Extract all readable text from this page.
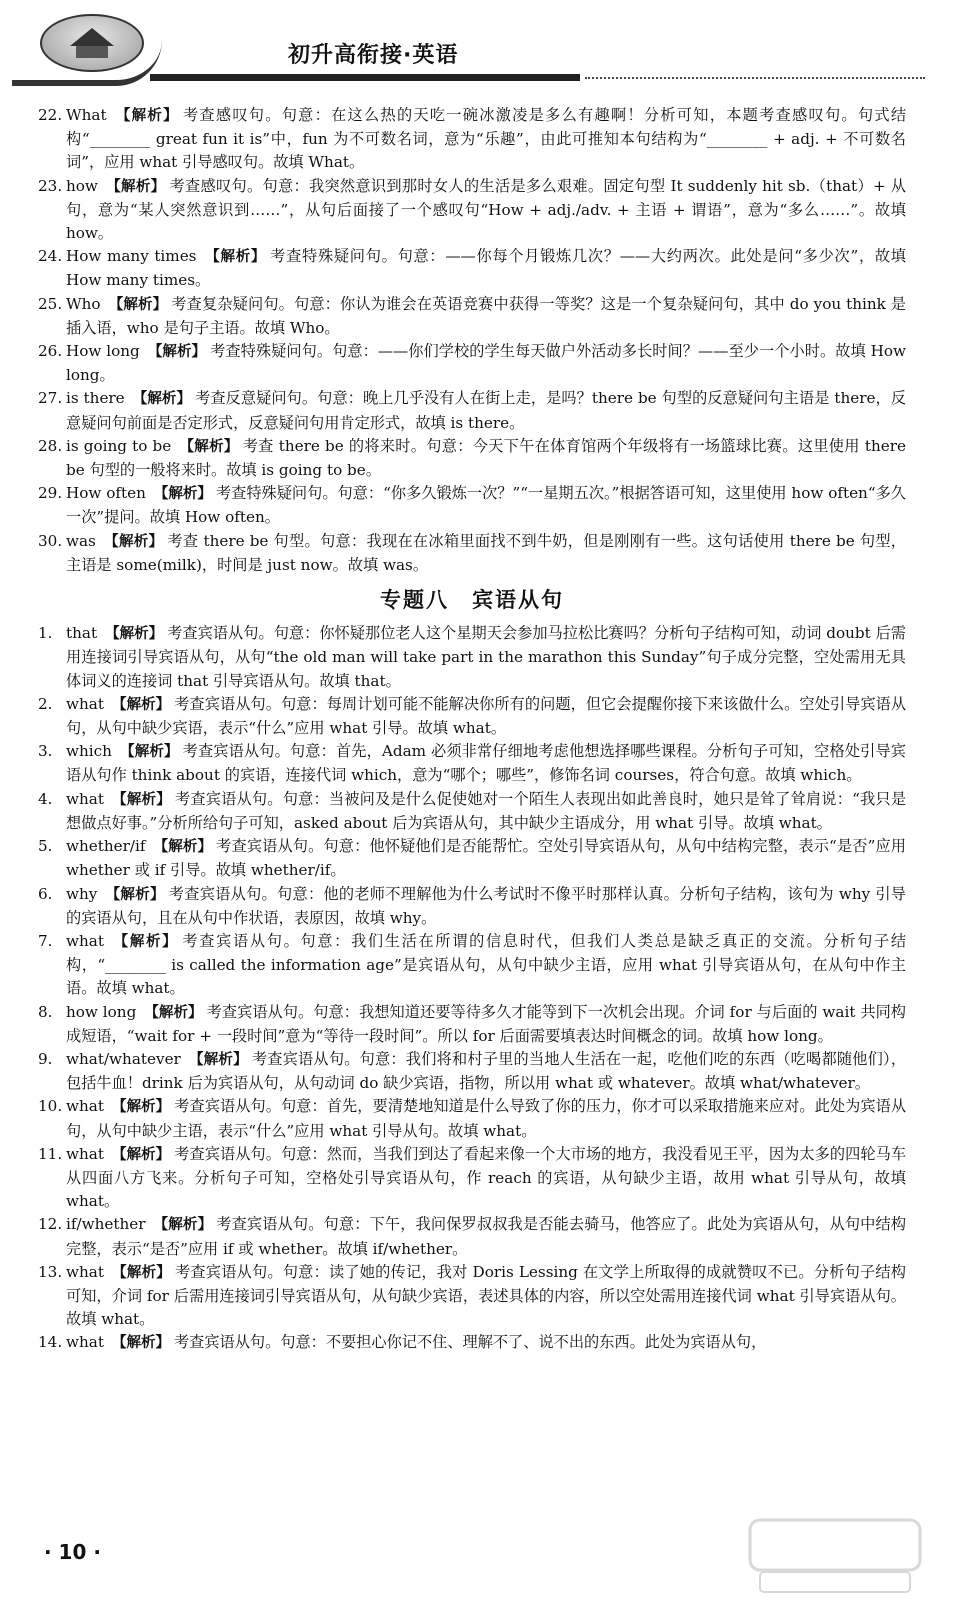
初升高衔接·英语
22. What 【解析】 考查感叹句。句意：在这么热的天吃一碗冰激凌是多么有趣啊！分析可知，本题考查感叹句。句式结构“________ great fun it is”中，fun 为不可数名词，意为“乐趣”，由此可推知本句结构为“________ + adj. + 不可数名词”，应用 what 引导感叹句。故填 What。
23. how 【解析】 考查感叹句。句意：我突然意识到那时女人的生活是多么艰难。固定句型 It suddenly hit sb.（that）+ 从句，意为“某人突然意识到……”，从句后面接了一个感叹句“How + adj./adv. + 主语 + 谓语”，意为“多么……”。故填 how。
24. How many times 【解析】 考查特殊疑问句。句意：——你每个月锻炼几次？——大约两次。此处是问“多少次”，故填 How many times。
25. Who 【解析】 考查复杂疑问句。句意：你认为谁会在英语竞赛中获得一等奖？这是一个复杂疑问句，其中 do you think 是插入语，who 是句子主语。故填 Who。
26. How long 【解析】 考查特殊疑问句。句意：——你们学校的学生每天做户外活动多长时间？——至少一个小时。故填 How long。
27. is there 【解析】 考查反意疑问句。句意：晚上几乎没有人在街上走，是吗？there be 句型的反意疑问句主语是 there，反意疑问句前面是否定形式，反意疑问句用肯定形式，故填 is there。
28. is going to be 【解析】 考查 there be 的将来时。句意：今天下午在体育馆两个年级将有一场篮球比赛。这里使用 there be 句型的一般将来时。故填 is going to be。
29. How often 【解析】 考查特殊疑问句。句意：“你多久锻炼一次？”“一星期五次。”根据答语可知，这里使用 how often“多久一次”提问。故填 How often。
30. was 【解析】 考查 there be 句型。句意：我现在在冰箱里面找不到牛奶，但是刚刚有一些。这句话使用 there be 句型，主语是 some(milk)，时间是 just now。故填 was。
专题八　宾语从句
1. that 【解析】 考查宾语从句。句意：你怀疑那位老人这个星期天会参加马拉松比赛吗？分析句子结构可知，动词 doubt 后需用连接词引导宾语从句，从句“the old man will take part in the marathon this Sunday”句子成分完整，空处需用无具体词义的连接词 that 引导宾语从句。故填 that。
2. what 【解析】 考查宾语从句。句意：每周计划可能不能解决你所有的问题，但它会提醒你接下来该做什么。空处引导宾语从句，从句中缺少宾语，表示“什么”应用 what 引导。故填 what。
3. which 【解析】 考查宾语从句。句意：首先，Adam 必须非常仔细地考虑他想选择哪些课程。分析句子可知，空格处引导宾语从句作 think about 的宾语，连接代词 which，意为“哪个；哪些”，修饰名词 courses，符合句意。故填 which。
4. what 【解析】 考查宾语从句。句意：当被问及是什么促使她对一个陌生人表现出如此善良时，她只是耸了耸肩说：“我只是想做点好事。”分析所给句子可知，asked about 后为宾语从句，其中缺少主语成分，用 what 引导。故填 what。
5. whether/if 【解析】 考查宾语从句。句意：他怀疑他们是否能帮忙。空处引导宾语从句，从句中结构完整，表示“是否”应用 whether 或 if 引导。故填 whether/if。
6. why 【解析】 考查宾语从句。句意：他的老师不理解他为什么考试时不像平时那样认真。分析句子结构，该句为 why 引导的宾语从句，且在从句中作状语，表原因，故填 why。
7. what 【解析】 考查宾语从句。句意：我们生活在所谓的信息时代，但我们人类总是缺乏真正的交流。分析句子结构，“________ is called the information age”是宾语从句，从句中缺少主语，应用 what 引导宾语从句，在从句中作主语。故填 what。
8. how long 【解析】 考查宾语从句。句意：我想知道还要等待多久才能等到下一次机会出现。介词 for 与后面的 wait 共同构成短语，“wait for + 一段时间”意为“等待一段时间”。所以 for 后面需要填表达时间概念的词。故填 how long。
9. what/whatever 【解析】 考查宾语从句。句意：我们将和村子里的当地人生活在一起，吃他们吃的东西（吃喝都随他们），包括牛血！drink 后为宾语从句，从句动词 do 缺少宾语，指物，所以用 what 或 whatever。故填 what/whatever。
10. what 【解析】 考查宾语从句。句意：首先，要清楚地知道是什么导致了你的压力，你才可以采取措施来应对。此处为宾语从句，从句中缺少主语，表示“什么”应用 what 引导从句。故填 what。
11. what 【解析】 考查宾语从句。句意：然而，当我们到达了看起来像一个大市场的地方，我没看见王平，因为太多的四轮马车从四面八方飞来。分析句子可知，空格处引导宾语从句，作 reach 的宾语，从句缺少主语，故用 what 引导从句，故填 what。
12. if/whether 【解析】 考查宾语从句。句意：下午，我问保罗叔叔我是否能去骑马，他答应了。此处为宾语从句，从句中结构完整，表示“是否”应用 if 或 whether。故填 if/whether。
13. what 【解析】 考查宾语从句。句意：读了她的传记，我对 Doris Lessing 在文学上所取得的成就赞叹不已。分析句子结构可知，介词 for 后需用连接词引导宾语从句，从句缺少宾语，表述具体的内容，所以空处需用连接代词 what 引导宾语从句。故填 what。
14. what 【解析】 考查宾语从句。句意：不要担心你记不住、理解不了、说不出的东西。此处为宾语从句，
· 10 ·
